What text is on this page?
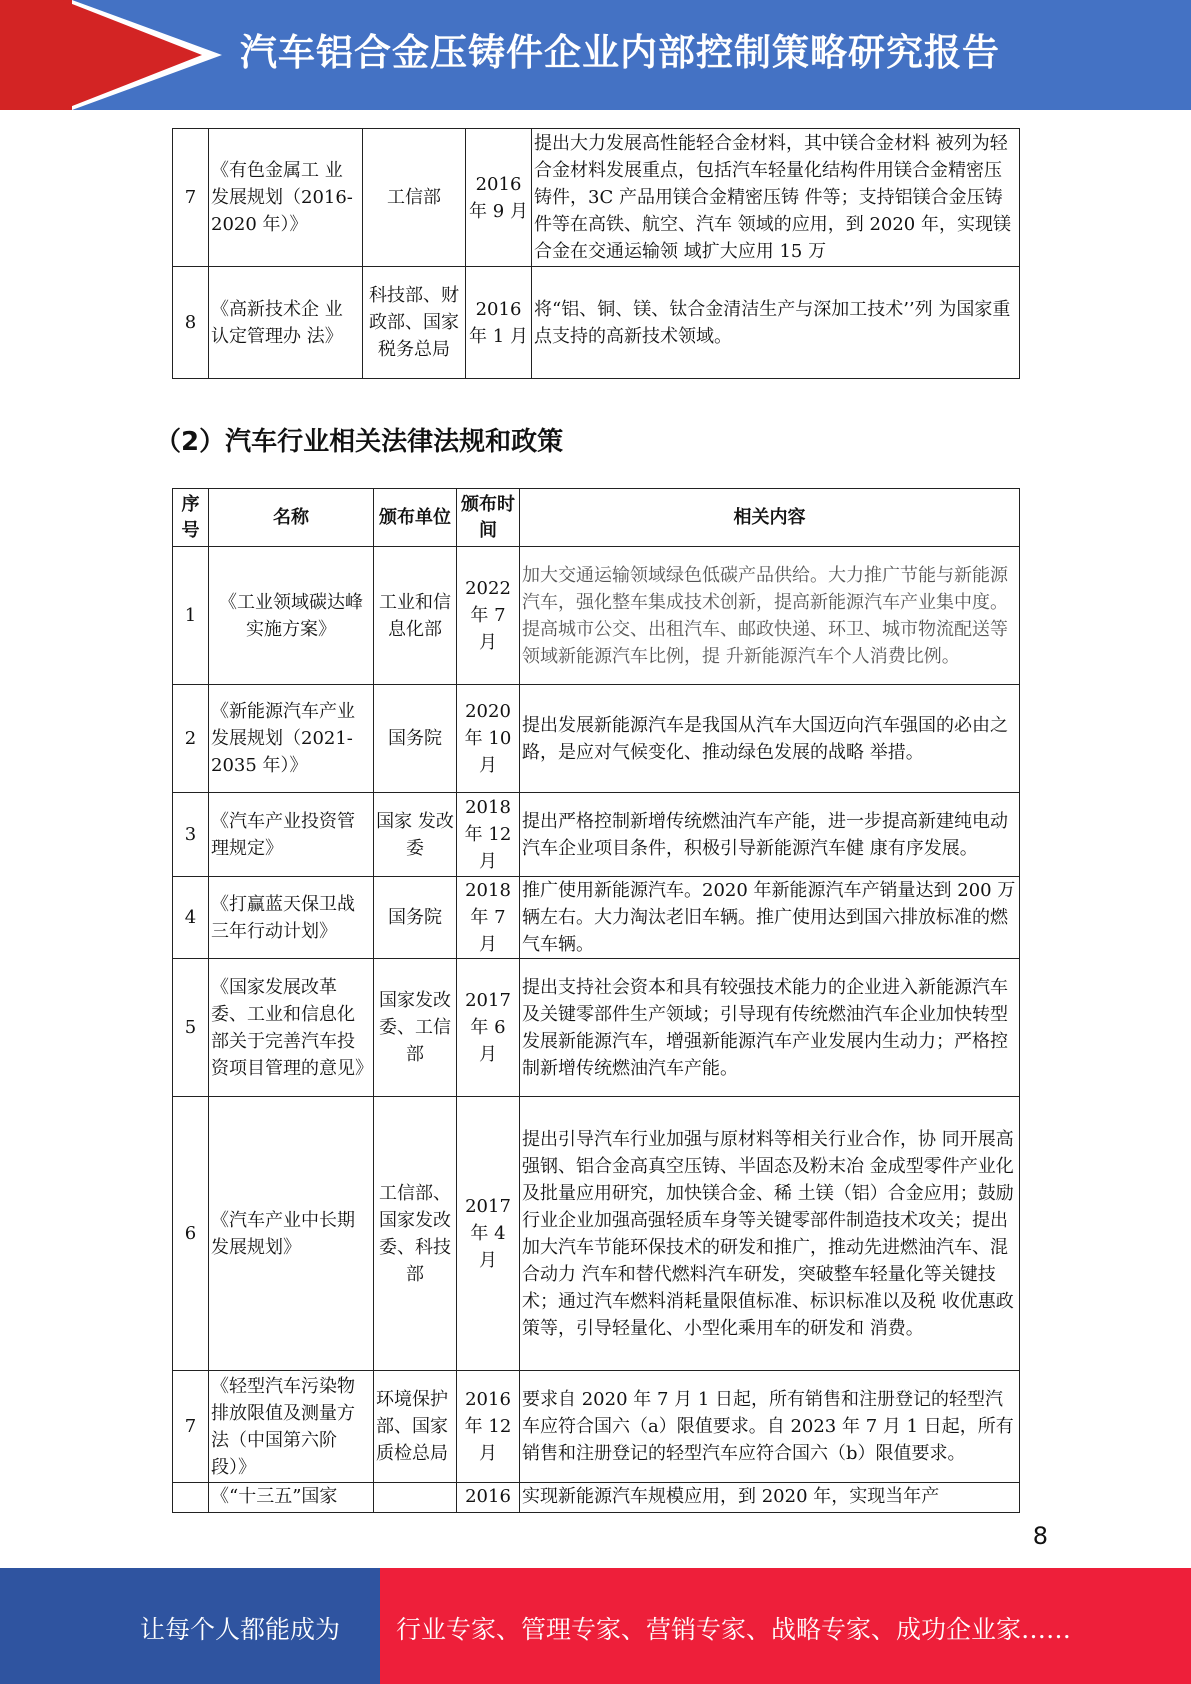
汽车铝合金压铸件企业内部控制策略研究报告
7	《有色金属工 业发展规划（2016-2020 年）》	工信部	2016 年 9 月	提出大力发展高性能轻合金材料，其中镁合金材料 被列为轻合金材料发展重点，包括汽车轻量化结构件用镁合金精密压铸件，3C 产品用镁合金精密压铸 件等；支持铝镁合金压铸件等在高铁、航空、汽车 领域的应用，到 2020 年，实现镁合金在交通运输领 域扩大应用 15 万
8	《高新技术企 业认定管理办 法》	科技部、财政部、国家税务总局	2016 年 1 月	将“铝、铜、镁、钛合金清洁生产与深加工技术’’列 为国家重点支持的高新技术领域。
（2）汽车行业相关法律法规和政策
序号	名称	颁布单位	颁布时间	相关内容
1	《工业领域碳达峰实施方案》	工业和信息化部	2022 年 7 月	加大交通运输领域绿色低碳产品供给。大力推广节能与新能源汽车，强化整车集成技术创新，提高新能源汽车产业集中度。提高城市公交、出租汽车、邮政快递、环卫、城市物流配送等领域新能源汽车比例，提 升新能源汽车个人消费比例。
2	《新能源汽车产业发展规划（2021-2035 年）》	国务院	2020 年 10 月	提出发展新能源汽车是我国从汽车大国迈向汽车强国的必由之路，是应对气候变化、推动绿色发展的战略 举措。
3	《汽车产业投资管理规定》	国家 发改委	2018 年 12 月	提出严格控制新增传统燃油汽车产能，进一步提高新建纯电动汽车企业项目条件，积极引导新能源汽车健 康有序发展。
4	《打赢蓝天保卫战三年行动计划》	国务院	2018 年 7 月	推广使用新能源汽车。2020 年新能源汽车产销量达到 200 万辆左右。大力淘汰老旧车辆。推广使用达到国六排放标准的燃气车辆。
5	《国家发展改革委、工业和信息化部关于完善汽车投资项目管理的意见》	国家发改委、工信部	2017 年 6 月	提出支持社会资本和具有较强技术能力的企业进入新能源汽车及关键零部件生产领域；引导现有传统燃油汽车企业加快转型发展新能源汽车，增强新能源汽车产业发展内生动力；严格控制新增传统燃油汽车产能。
6	《汽车产业中长期发展规划》	工信部、国家发改委、科技部	2017 年 4 月	提出引导汽车行业加强与原材料等相关行业合作，协 同开展高强钢、铝合金高真空压铸、半固态及粉末冶 金成型零件产业化及批量应用研究，加快镁合金、稀 土镁（铝）合金应用；鼓励行业企业加强高强轻质车身等关键零部件制造技术攻关；提出加大汽车节能环保技术的研发和推广，推动先进燃油汽车、混合动力 汽车和替代燃料汽车研发，突破整车轻量化等关键技 术；通过汽车燃料消耗量限值标准、标识标准以及税 收优惠政策等，引导轻量化、小型化乘用车的研发和 消费。
7	《轻型汽车污染物排放限值及测量方法（中国第六阶段）》	环境保护部、国家质检总局	2016 年 12 月	要求自 2020 年 7 月 1 日起，所有销售和注册登记的轻型汽车应符合国六（a）限值要求。自 2023 年 7 月 1 日起，所有销售和注册登记的轻型汽车应符合国六（b）限值要求。
	《“十三五”国家		2016	实现新能源汽车规模应用，到 2020 年，实现当年产
8
让每个人都能成为 行业专家、管理专家、营销专家、战略专家、成功企业家……
